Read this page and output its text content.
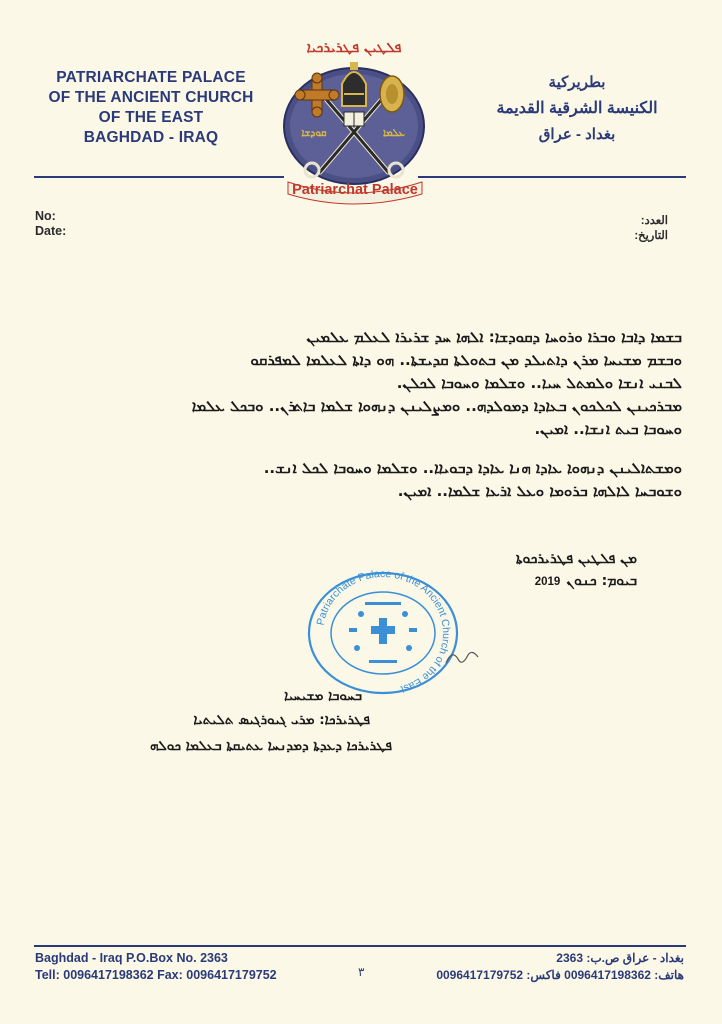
PATRIARCHATE PALACE
OF THE ANCIENT CHURCH
OF THE EAST
BAGHDAD - IRAQ
بطريركية
الكنيسة الشرقية القديمة
بغداد - عراق
ܦܠܛܝܢ ܦܛܪܝܪܟܝܐ
ܩܘܕܫܐ	ܥܠܡܐ
Patriarchat Palace
No:
Date:
العدد:
التاريخ:
ܒܫܡܐ ܕܐܒܐ ܘܒܪܐ ܘܪܘܚܐ ܕܩܘܕܫܐ: ܐܠܗܐ ܚܕ ܫܪܝܪܐ ܠܥܠܡ ܥܠܡܝܢ
ܘܒܫܡ ܡܫܝܚܐ ܡܪܢ ܕܐܬܝܠܕ ܡܢ ܒܬܘܠܬܐ ܩܕܝܫܬܐ.. ܗܘ ܕܐܬܐ ܠܥܠܡܐ ܠܡܦܪܩܘ
ܠܒܢܝ ܐܢܫܐ ܘܠܡܬܠ ܚܝܐ.. ܘܫܠܡܐ ܘܚܘܒܐ ܠܟܠܢ.
ܡܒܪܟܝܢܢ ܠܟܠܟܘܢ ܒܥܐܕܐ ܕܡܘܠܕܗ.. ܘܡܨܠܝܢܢ ܕܢܗܘܐ ܫܠܡܐ ܒܐܬܪܢ.. ܘܒܟܠ ܥܠܡܐ
ܘܚܘܒܐ ܒܝܬ ܐܢܫܐ.. ܐܡܝܢ.
ܘܡܫܬܐܠܝܢܢ ܕܢܗܘܐ ܥܐܕܐ ܗܢܐ ܥܐܕܐ ܕܒܘܝܐܐ.. ܘܫܠܡܐ ܘܚܘܒܐ ܠܟܠ ܐܢܫ..
ܘܫܘܒܚܐ ܠܐܠܗܐ ܒܪܘܡܐ ܘܥܠ ܐܪܥܐ ܫܠܡܐ.. ܐܡܝܢ.
ܡܢ ܦܠܛܝܢ ܦܛܪܝܪܟܘܬܐ
ܒܝܘܡ: ܟܢܘܢ
2019
Patriarchate Palace of the Ancient Church of the East
ܒܚܘܒܐ ܡܫܝܚܝܐ
ܦܛܪܝܪܟܐ: ܡܪܝ ܓܝܘܪܓܝܣ ܬܠܝܬܝܐ
ܦܛܪܝܪܟܐ ܕܥܕܬܐ ܕܡܕܢܚܐ ܥܬܝܩܬܐ ܒܥܠܡܐ ܟܘܠܗ
Baghdad - Iraq P.O.Box No. 2363
Tell: 0096417198362 Fax: 0096417179752	٣
بغداد - عراق ص.ب: 2363
هاتف: 0096417198362 فاكس: 0096417179752
